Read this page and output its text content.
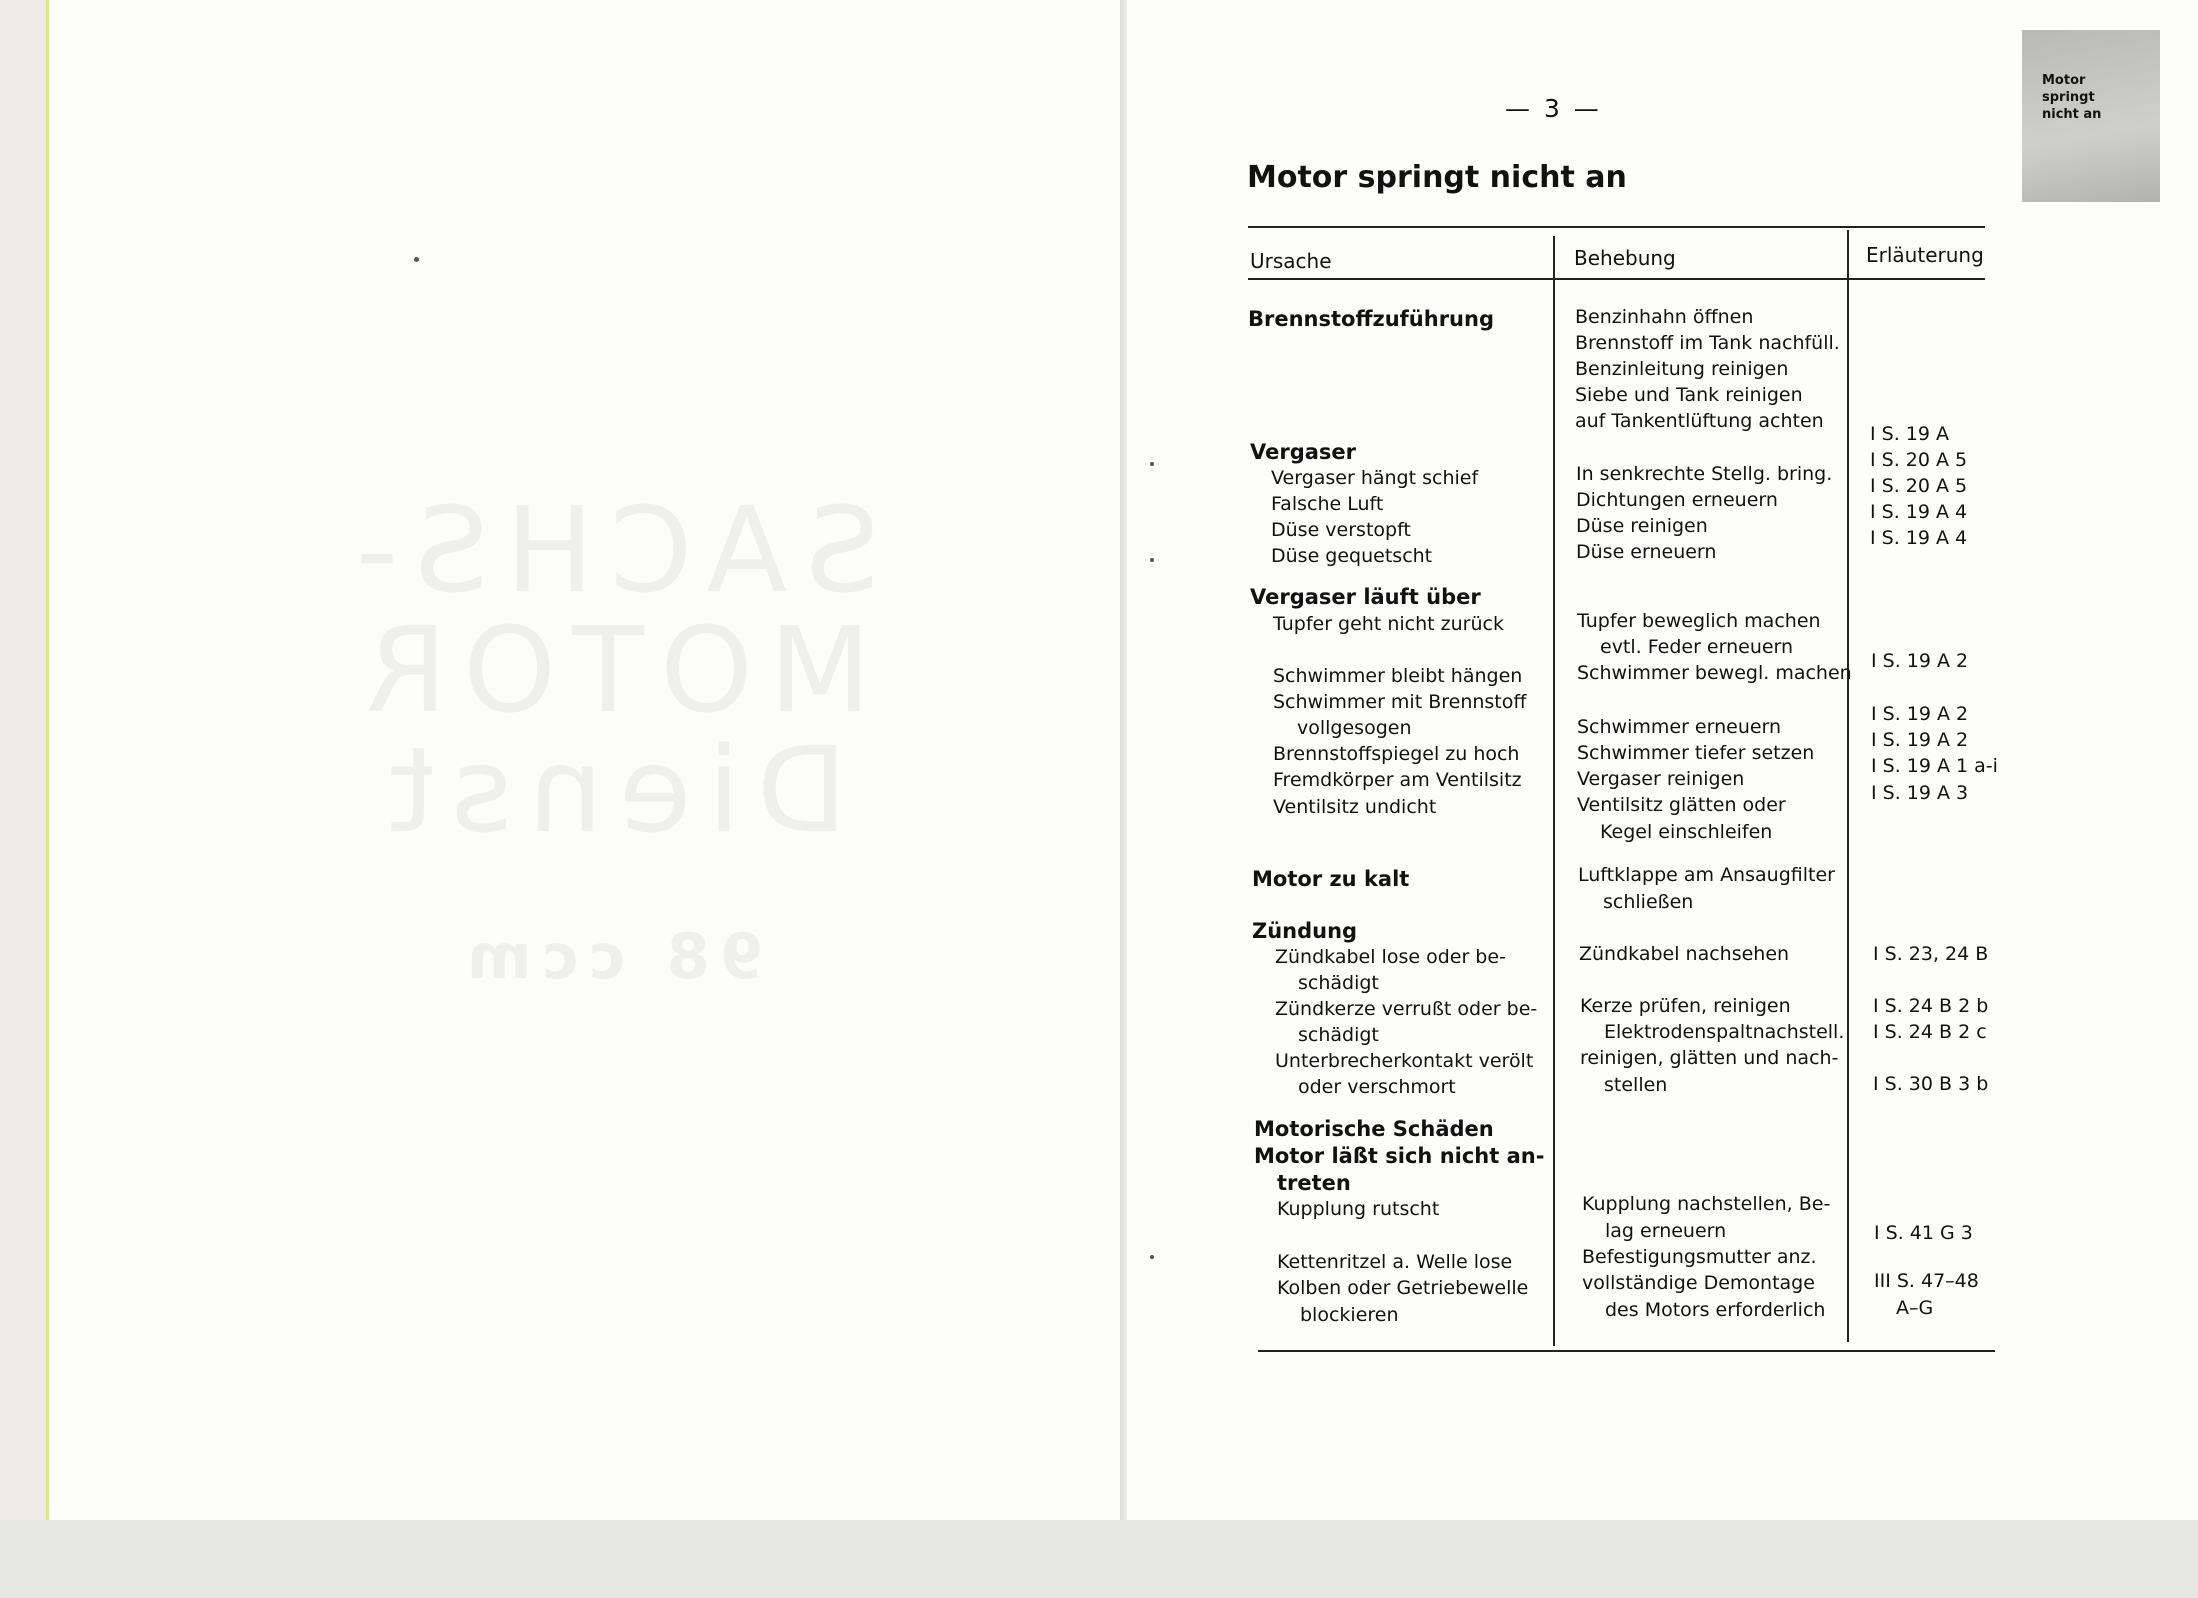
SACHS-
MOTOR
Dienst
98 ccm
— 3 —
Motor springt nicht an
Motor
springt
nicht an
Ursache	Behebung	Erläuterung
Brennstoffzuführung
Vergaser
Vergaser hängt schief
Falsche Luft
Düse verstopft
Düse gequetscht
Vergaser läuft über
Tupfer geht nicht zurück
Schwimmer bleibt hängen
Schwimmer mit Brennstoff
vollgesogen
Brennstoffspiegel zu hoch
Fremdkörper am Ventilsitz
Ventilsitz undicht
Motor zu kalt
Zündung
Zündkabel lose oder be-
schädigt
Zündkerze verrußt oder be-
schädigt
Unterbrecherkontakt verölt
oder verschmort
Motorische Schäden
Motor läßt sich nicht an-
treten
Kupplung rutscht
Kettenritzel a. Welle lose
Kolben oder Getriebewelle
blockieren
Benzinhahn öffnen
Brennstoff im Tank nachfüll.
Benzinleitung reinigen
Siebe und Tank reinigen
auf Tankentlüftung achten
In senkrechte Stellg. bring.
Dichtungen erneuern
Düse reinigen
Düse erneuern
Tupfer beweglich machen
evtl. Feder erneuern
Schwimmer bewegl. machen
Schwimmer erneuern
Schwimmer tiefer setzen
Vergaser reinigen
Ventilsitz glätten oder
Kegel einschleifen
Luftklappe am Ansaugfilter
schließen
Zündkabel nachsehen
Kerze prüfen, reinigen
Elektrodenspaltnachstell.
reinigen, glätten und nach-
stellen
Kupplung nachstellen, Be-
lag erneuern
Befestigungsmutter anz.
vollständige Demontage
des Motors erforderlich
I S. 19 A
I S. 20 A 5
I S. 20 A 5
I S. 19 A 4
I S. 19 A 4
I S. 19 A 2
I S. 19 A 2
I S. 19 A 2
I S. 19 A 1 a-i
I S. 19 A 3
I S. 23, 24 B
I S. 24 B 2 b
I S. 24 B 2 c
I S. 30 B 3 b
I S. 41 G 3
III S. 47–48
A–G
